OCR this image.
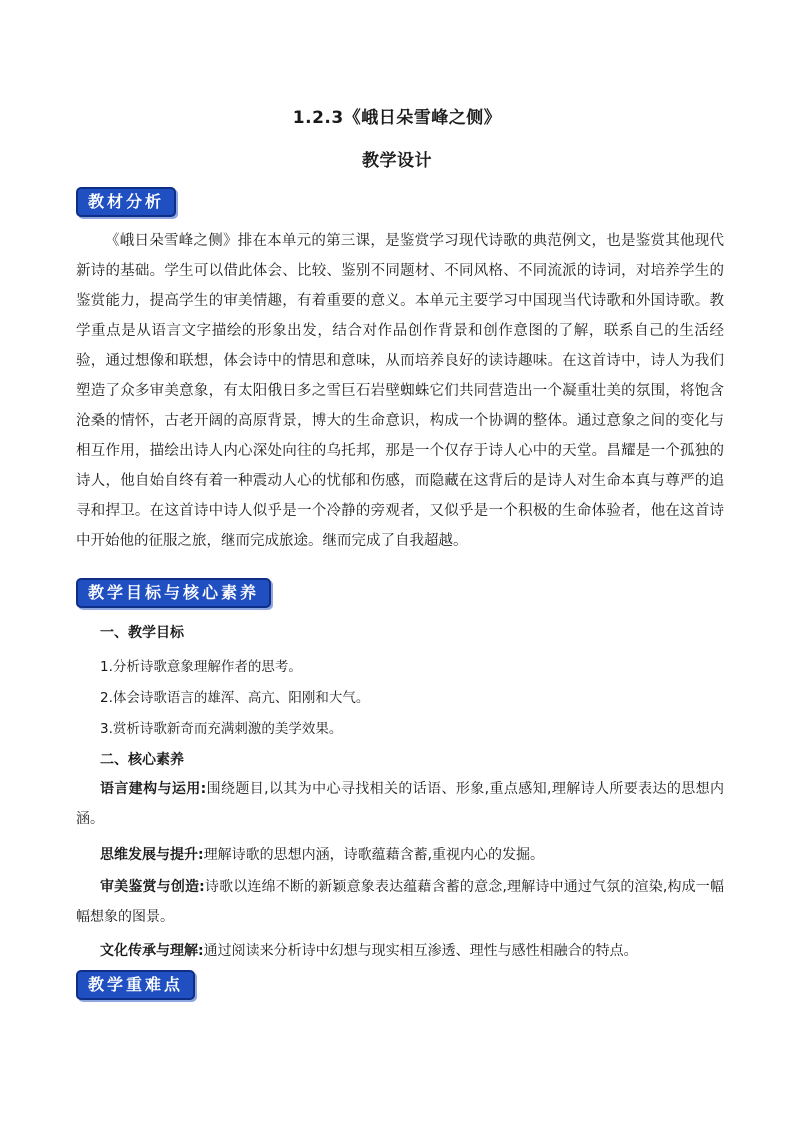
1.2.3《峨日朵雪峰之侧》
教学设计
教材分析

《峨日朵雪峰之侧》排在本单元的第三课，是鉴赏学习现代诗歌的典范例文，也是鉴赏其他现代新诗的基础。学生可以借此体会、比较、鉴别不同题材、不同风格、不同流派的诗词，对培养学生的鉴赏能力，提高学生的审美情趣，有着重要的意义。本单元主要学习中国现当代诗歌和外国诗歌。教学重点是从语言文字描绘的形象出发，结合对作品创作背景和创作意图的了解，联系自己的生活经验，通过想像和联想，体会诗中的情思和意味，从而培养良好的读诗趣味。在这首诗中，诗人为我们塑造了众多审美意象，有太阳俄日多之雪巨石岩壁蜘蛛它们共同营造出一个凝重壮美的氛围，将饱含沧桑的情怀，古老开阔的高原背景，博大的生命意识，构成一个协调的整体。通过意象之间的变化与相互作用，描绘出诗人内心深处向往的乌托邦，那是一个仅存于诗人心中的天堂。昌耀是一个孤独的诗人，他自始自终有着一种震动人心的忧郁和伤感，而隐藏在这背后的是诗人对生命本真与尊严的追寻和捍卫。在这首诗中诗人似乎是一个冷静的旁观者，又似乎是一个积极的生命体验者，他在这首诗中开始他的征服之旅，继而完成旅途。继而完成了自我超越。

教学目标与核心素养

一、教学目标

1.分析诗歌意象理解作者的思考。

2.体会诗歌语言的雄浑、高亢、阳刚和大气。

3.赏析诗歌新奇而充满刺激的美学效果。

二、核心素养

语言建构与运用:围绕题目,以其为中心寻找相关的话语、形象,重点感知,理解诗人所要表达的思想内涵。

思维发展与提升:理解诗歌的思想内涵，诗歌蕴藉含蓄,重视内心的发掘。

审美鉴赏与创造:诗歌以连绵不断的新颖意象表达蕴藉含蓄的意念,理解诗中通过气氛的渲染,构成一幅幅想象的图景。

文化传承与理解:通过阅读来分析诗中幻想与现实相互渗透、理性与感性相融合的特点。

教学重难点
